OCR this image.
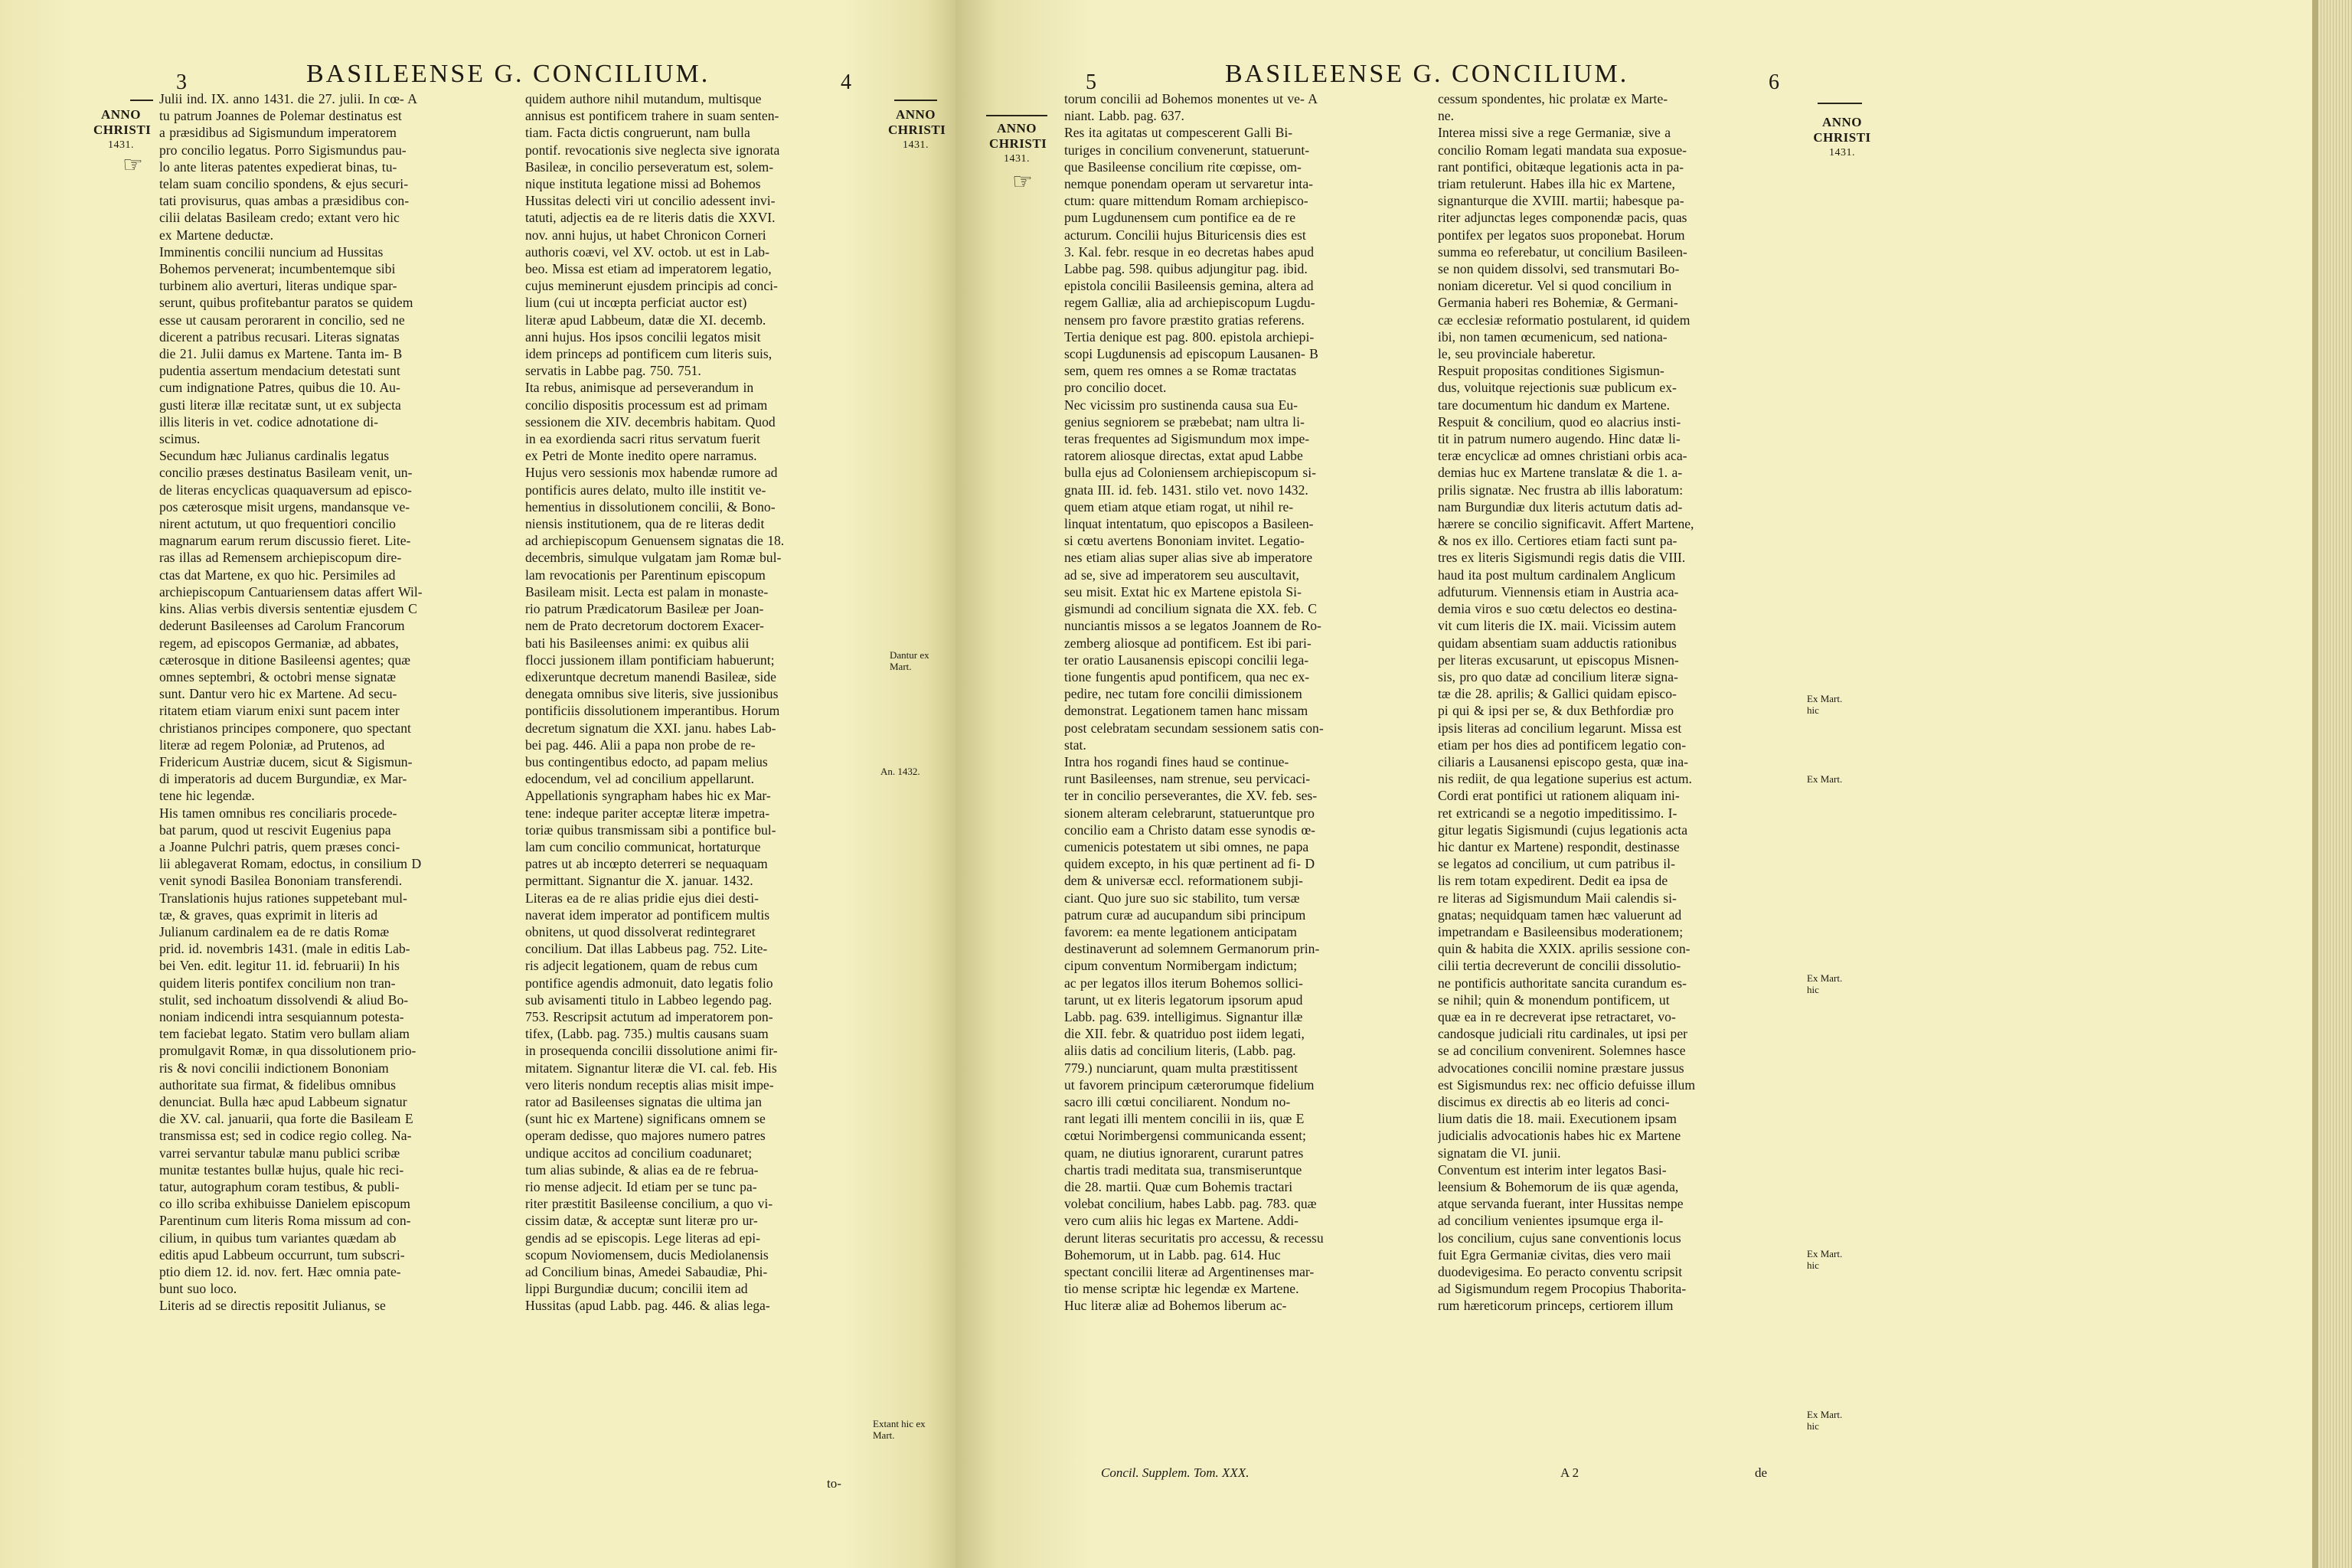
3	BASILEENSE G. CONCILIUM.	4
ANNO
CHRISTI
1431.
☞
ANNO
CHRISTI
1431.
Julii ind. IX. anno 1431. die 27. julii. In cœ- A
tu patrum Joannes de Polemar destinatus est
a præsidibus ad Sigismundum imperatorem
pro concilio legatus. Porro Sigismundus pau-
lo ante literas patentes expedierat binas, tu-
telam suam concilio spondens, & ejus securi-
tati provisurus, quas ambas a præsidibus con-
cilii delatas Basileam credo; extant vero hic
ex Martene deductæ.
Imminentis concilii nuncium ad Hussitas
Bohemos pervenerat; incumbentemque sibi
turbinem alio averturi, literas undique spar-
serunt, quibus profitebantur paratos se quidem
esse ut causam perorarent in concilio, sed ne
dicerent a patribus recusari. Literas signatas
die 21. Julii damus ex Martene. Tanta im- B
pudentia assertum mendacium detestati sunt
cum indignatione Patres, quibus die 10. Au-
gusti literæ illæ recitatæ sunt, ut ex subjecta
illis literis in vet. codice adnotatione di-
scimus.
Secundum hæc Julianus cardinalis legatus
concilio præses destinatus Basileam venit, un-
de literas encyclicas quaquaversum ad episco-
pos cæterosque misit urgens, mandansque ve-
nirent actutum, ut quo frequentiori concilio
magnarum earum rerum discussio fieret. Lite-
ras illas ad Remensem archiepiscopum dire-
ctas dat Martene, ex quo hic. Persimiles ad
archiepiscopum Cantuariensem datas affert Wil-
kins. Alias verbis diversis sententiæ ejusdem C
dederunt Basileenses ad Carolum Francorum
regem, ad episcopos Germaniæ, ad abbates,
cæterosque in ditione Basileensi agentes; quæ
omnes septembri, & octobri mense signatæ
sunt. Dantur vero hic ex Martene. Ad secu-
ritatem etiam viarum enixi sunt pacem inter
christianos principes componere, quo spectant
literæ ad regem Poloniæ, ad Prutenos, ad
Fridericum Austriæ ducem, sicut & Sigismun-
di imperatoris ad ducem Burgundiæ, ex Mar-
tene hic legendæ.
His tamen omnibus res conciliaris procede-
bat parum, quod ut rescivit Eugenius papa
a Joanne Pulchri patris, quem præses conci-
lii ablegaverat Romam, edoctus, in consilium D
venit synodi Basilea Bononiam transferendi.
Translationis hujus rationes suppetebant mul-
tæ, & graves, quas exprimit in literis ad
Julianum cardinalem ea de re datis Romæ
prid. id. novembris 1431. (male in editis Lab-
bei Ven. edit. legitur 11. id. februarii) In his
quidem literis pontifex concilium non tran-
stulit, sed inchoatum dissolvendi & aliud Bo-
noniam indicendi intra sesquiannum potesta-
tem faciebat legato. Statim vero bullam aliam
promulgavit Romæ, in qua dissolutionem prio-
ris & novi concilii indictionem Bononiam
authoritate sua firmat, & fidelibus omnibus
denunciat. Bulla hæc apud Labbeum signatur
die XV. cal. januarii, qua forte die Basileam E
transmissa est; sed in codice regio colleg. Na-
varrei servantur tabulæ manu publici scribæ
munitæ testantes bullæ hujus, quale hic reci-
tatur, autographum coram testibus, & publi-
co illo scriba exhibuisse Danielem episcopum
Parentinum cum literis Roma missum ad con-
cilium, in quibus tum variantes quædam ab
editis apud Labbeum occurrunt, tum subscri-
ptio diem 12. id. nov. fert. Hæc omnia pate-
bunt suo loco.
Literis ad se directis repositit Julianus, se
quidem authore nihil mutandum, multisque
annisus est pontificem trahere in suam senten-
tiam. Facta dictis congruerunt, nam bulla
pontif. revocationis sive neglecta sive ignorata
Basileæ, in concilio perseveratum est, solem-
nique instituta legatione missi ad Bohemos
Hussitas delecti viri ut concilio adessent invi-
tatuti, adjectis ea de re literis datis die XXVI.
nov. anni hujus, ut habet Chronicon Corneri
authoris coævi, vel XV. octob. ut est in Lab-
beo. Missa est etiam ad imperatorem legatio,
cujus meminerunt ejusdem principis ad conci-
lium (cui ut incœpta perficiat auctor est)
literæ apud Labbeum, datæ die XI. decemb.
anni hujus. Hos ipsos concilii legatos misit
idem princeps ad pontificem cum literis suis,
servatis in Labbe pag. 750. 751.
Ita rebus, animisque ad perseverandum in
concilio dispositis processum est ad primam
sessionem die XIV. decembris habitam. Quod
in ea exordienda sacri ritus servatum fuerit
ex Petri de Monte inedito opere narramus.
Hujus vero sessionis mox habendæ rumore ad
pontificis aures delato, multo ille institit ve-
hementius in dissolutionem concilii, & Bono-
niensis institutionem, qua de re literas dedit
ad archiepiscopum Genuensem signatas die 18.
decembris, simulque vulgatam jam Romæ bul-
lam revocationis per Parentinum episcopum
Basileam misit. Lecta est palam in monaste-
rio patrum Prædicatorum Basileæ per Joan-
nem de Prato decretorum doctorem Exacer-
bati his Basileenses animi: ex quibus alii
flocci jussionem illam pontificiam habuerunt;
edixeruntque decretum manendi Basileæ, side
denegata omnibus sive literis, sive jussionibus
pontificiis dissolutionem imperantibus. Horum
decretum signatum die XXI. janu. habes Lab-
bei pag. 446. Alii a papa non probe de re-
bus contingentibus edocto, ad papam melius
edocendum, vel ad concilium appellarunt.
Appellationis syngrapham habes hic ex Mar-
tene: indeque pariter acceptæ literæ impetra-
toriæ quibus transmissam sibi a pontifice bul-
lam cum concilio communicat, hortaturque
patres ut ab incœpto deterreri se nequaquam
permittant. Signantur die X. januar. 1432.
Literas ea de re alias pridie ejus diei desti-
naverat idem imperator ad pontificem multis
obnitens, ut quod dissolverat redintegraret
concilium. Dat illas Labbeus pag. 752. Lite-
ris adjecit legationem, quam de rebus cum
pontifice agendis admonuit, dato legatis folio
sub avisamenti titulo in Labbeo legendo pag.
753. Rescripsit actutum ad imperatorem pon-
tifex, (Labb. pag. 735.) multis causans suam
in prosequenda concilii dissolutione animi fir-
mitatem. Signantur literæ die VI. cal. feb. His
vero literis nondum receptis alias misit impe-
rator ad Basileenses signatas die ultima jan
(sunt hic ex Martene) significans omnem se
operam dedisse, quo majores numero patres
undique accitos ad concilium coadunaret;
tum alias subinde, & alias ea de re februa-
rio mense adjecit. Id etiam per se tunc pa-
riter præstitit Basileense concilium, a quo vi-
cissim datæ, & acceptæ sunt literæ pro ur-
gendis ad se episcopis. Lege literas ad epi-
scopum Noviomensem, ducis Mediolanensis
ad Concilium binas, Amedei Sabaudiæ, Phi-
lippi Burgundiæ ducum; concilii item ad
Hussitas (apud Labb. pag. 446. & alias lega-
Dantur ex Mart.
An. 1432.
Extant hic ex Mart.
to-
5	BASILEENSE G. CONCILIUM.	6
ANNO
CHRISTI
1431.
☞
ANNO
CHRISTI
1431.
torum concilii ad Bohemos monentes ut ve- A
niant. Labb. pag. 637.
Res ita agitatas ut compescerent Galli Bi-
turiges in concilium convenerunt, statuerunt-
que Basileense concilium rite cœpisse, om-
nemque ponendam operam ut servaretur inta-
ctum: quare mittendum Romam archiepisco-
pum Lugdunensem cum pontifice ea de re
acturum. Concilii hujus Bituricensis dies est
3. Kal. febr. resque in eo decretas habes apud
Labbe pag. 598. quibus adjungitur pag. ibid.
epistola concilii Basileensis gemina, altera ad
regem Galliæ, alia ad archiepiscopum Lugdu-
nensem pro favore præstito gratias referens.
Tertia denique est pag. 800. epistola archiepi-
scopi Lugdunensis ad episcopum Lausanen- B
sem, quem res omnes a se Romæ tractatas
pro concilio docet.
Nec vicissim pro sustinenda causa sua Eu-
genius segniorem se præbebat; nam ultra li-
teras frequentes ad Sigismundum mox impe-
ratorem aliosque directas, extat apud Labbe
bulla ejus ad Coloniensem archiepiscopum si-
gnata III. id. feb. 1431. stilo vet. novo 1432.
quem etiam atque etiam rogat, ut nihil re-
linquat intentatum, quo episcopos a Basileen-
si cœtu avertens Bononiam invitet. Legatio-
nes etiam alias super alias sive ab imperatore
ad se, sive ad imperatorem seu auscultavit,
seu misit. Extat hic ex Martene epistola Si-
gismundi ad concilium signata die XX. feb. C
nunciantis missos a se legatos Joannem de Ro-
zemberg aliosque ad pontificem. Est ibi pari-
ter oratio Lausanensis episcopi concilii lega-
tione fungentis apud pontificem, qua nec ex-
pedire, nec tutam fore concilii dimissionem
demonstrat. Legationem tamen hanc missam
post celebratam secundam sessionem satis con-
stat.
Intra hos rogandi fines haud se continue-
runt Basileenses, nam strenue, seu pervicaci-
ter in concilio perseverantes, die XV. feb. ses-
sionem alteram celebrarunt, statueruntque pro
concilio eam a Christo datam esse synodis œ-
cumenicis potestatem ut sibi omnes, ne papa
quidem excepto, in his quæ pertinent ad fi- D
dem & universæ eccl. reformationem subji-
ciant. Quo jure suo sic stabilito, tum versæ
patrum curæ ad aucupandum sibi principum
favorem: ea mente legationem anticipatam
destinaverunt ad solemnem Germanorum prin-
cipum conventum Normibergam indictum;
ac per legatos illos iterum Bohemos sollici-
tarunt, ut ex literis legatorum ipsorum apud
Labb. pag. 639. intelligimus. Signantur illæ
die XII. febr. & quatriduo post iidem legati,
aliis datis ad concilium literis, (Labb. pag.
779.) nunciarunt, quam multa præstitissent
ut favorem principum cæterorumque fidelium
sacro illi cœtui conciliarent. Nondum no-
rant legati illi mentem concilii in iis, quæ E
cœtui Norimbergensi communicanda essent;
quam, ne diutius ignorarent, curarunt patres
chartis tradi meditata sua, transmiseruntque
die 28. martii. Quæ cum Bohemis tractari
volebat concilium, habes Labb. pag. 783. quæ
vero cum aliis hic legas ex Martene. Addi-
derunt literas securitatis pro accessu, & recessu
Bohemorum, ut in Labb. pag. 614. Huc
spectant concilii literæ ad Argentinenses mar-
tio mense scriptæ hic legendæ ex Martene.
Huc literæ aliæ ad Bohemos liberum ac-
cessum spondentes, hic prolatæ ex Marte-
ne.
Interea missi sive a rege Germaniæ, sive a
concilio Romam legati mandata sua exposue-
rant pontifici, obitæque legationis acta in pa-
triam retulerunt. Habes illa hic ex Martene,
signanturque die XVIII. martii; habesque pa-
riter adjunctas leges componendæ pacis, quas
pontifex per legatos suos proponebat. Horum
summa eo referebatur, ut concilium Basileen-
se non quidem dissolvi, sed transmutari Bo-
noniam diceretur. Vel si quod concilium in
Germania haberi res Bohemiæ, & Germani-
cæ ecclesiæ reformatio postularent, id quidem
ibi, non tamen œcumenicum, sed nationa-
le, seu provinciale haberetur.
Respuit propositas conditiones Sigismun-
dus, voluitque rejectionis suæ publicum ex-
tare documentum hic dandum ex Martene.
Respuit & concilium, quod eo alacrius insti-
tit in patrum numero augendo. Hinc datæ li-
teræ encyclicæ ad omnes christiani orbis aca-
demias huc ex Martene translatæ & die 1. a-
prilis signatæ. Nec frustra ab illis laboratum:
nam Burgundiæ dux literis actutum datis ad-
hærere se concilio significavit. Affert Martene,
& nos ex illo. Certiores etiam facti sunt pa-
tres ex literis Sigismundi regis datis die VIII.
haud ita post multum cardinalem Anglicum
adfuturum. Viennensis etiam in Austria aca-
demia viros e suo cœtu delectos eo destina-
vit cum literis die IX. maii. Vicissim autem
quidam absentiam suam adductis rationibus
per literas excusarunt, ut episcopus Misnen-
sis, pro quo datæ ad concilium literæ signa-
tæ die 28. aprilis; & Gallici quidam episco-
pi qui & ipsi per se, & dux Bethfordiæ pro
ipsis literas ad concilium legarunt. Missa est
etiam per hos dies ad pontificem legatio con-
ciliaris a Lausanensi episcopo gesta, quæ ina-
nis rediit, de qua legatione superius est actum.
Cordi erat pontifici ut rationem aliquam ini-
ret extricandi se a negotio impeditissimo. I-
gitur legatis Sigismundi (cujus legationis acta
hic dantur ex Martene) respondit, destinasse
se legatos ad concilium, ut cum patribus il-
lis rem totam expedirent. Dedit ea ipsa de
re literas ad Sigismundum Maii calendis si-
gnatas; nequidquam tamen hæc valuerunt ad
impetrandam e Basileensibus moderationem;
quin & habita die XXIX. aprilis sessione con-
cilii tertia decreverunt de concilii dissolutio-
ne pontificis authoritate sancita curandum es-
se nihil; quin & monendum pontificem, ut
quæ ea in re decreverat ipse retractaret, vo-
candosque judiciali ritu cardinales, ut ipsi per
se ad concilium convenirent. Solemnes hasce
advocationes concilii nomine præstare jussus
est Sigismundus rex: nec officio defuisse illum
discimus ex directis ab eo literis ad conci-
lium datis die 18. maii. Executionem ipsam
judicialis advocationis habes hic ex Martene
signatam die VI. junii.
Conventum est interim inter legatos Basi-
leensium & Bohemorum de iis quæ agenda,
atque servanda fuerant, inter Hussitas nempe
ad concilium venientes ipsumque erga il-
los concilium, cujus sane conventionis locus
fuit Egra Germaniæ civitas, dies vero maii
duodevigesima. Eo peracto conventu scripsit
ad Sigismundum regem Procopius Thaborita-
rum hæreticorum princeps, certiorem illum
Ex Mart. hic
Ex Mart.
Ex Mart. hic
Ex Mart. hic
Ex Mart. hic
Concil. Supplem. Tom. XXX.	A 2	de
